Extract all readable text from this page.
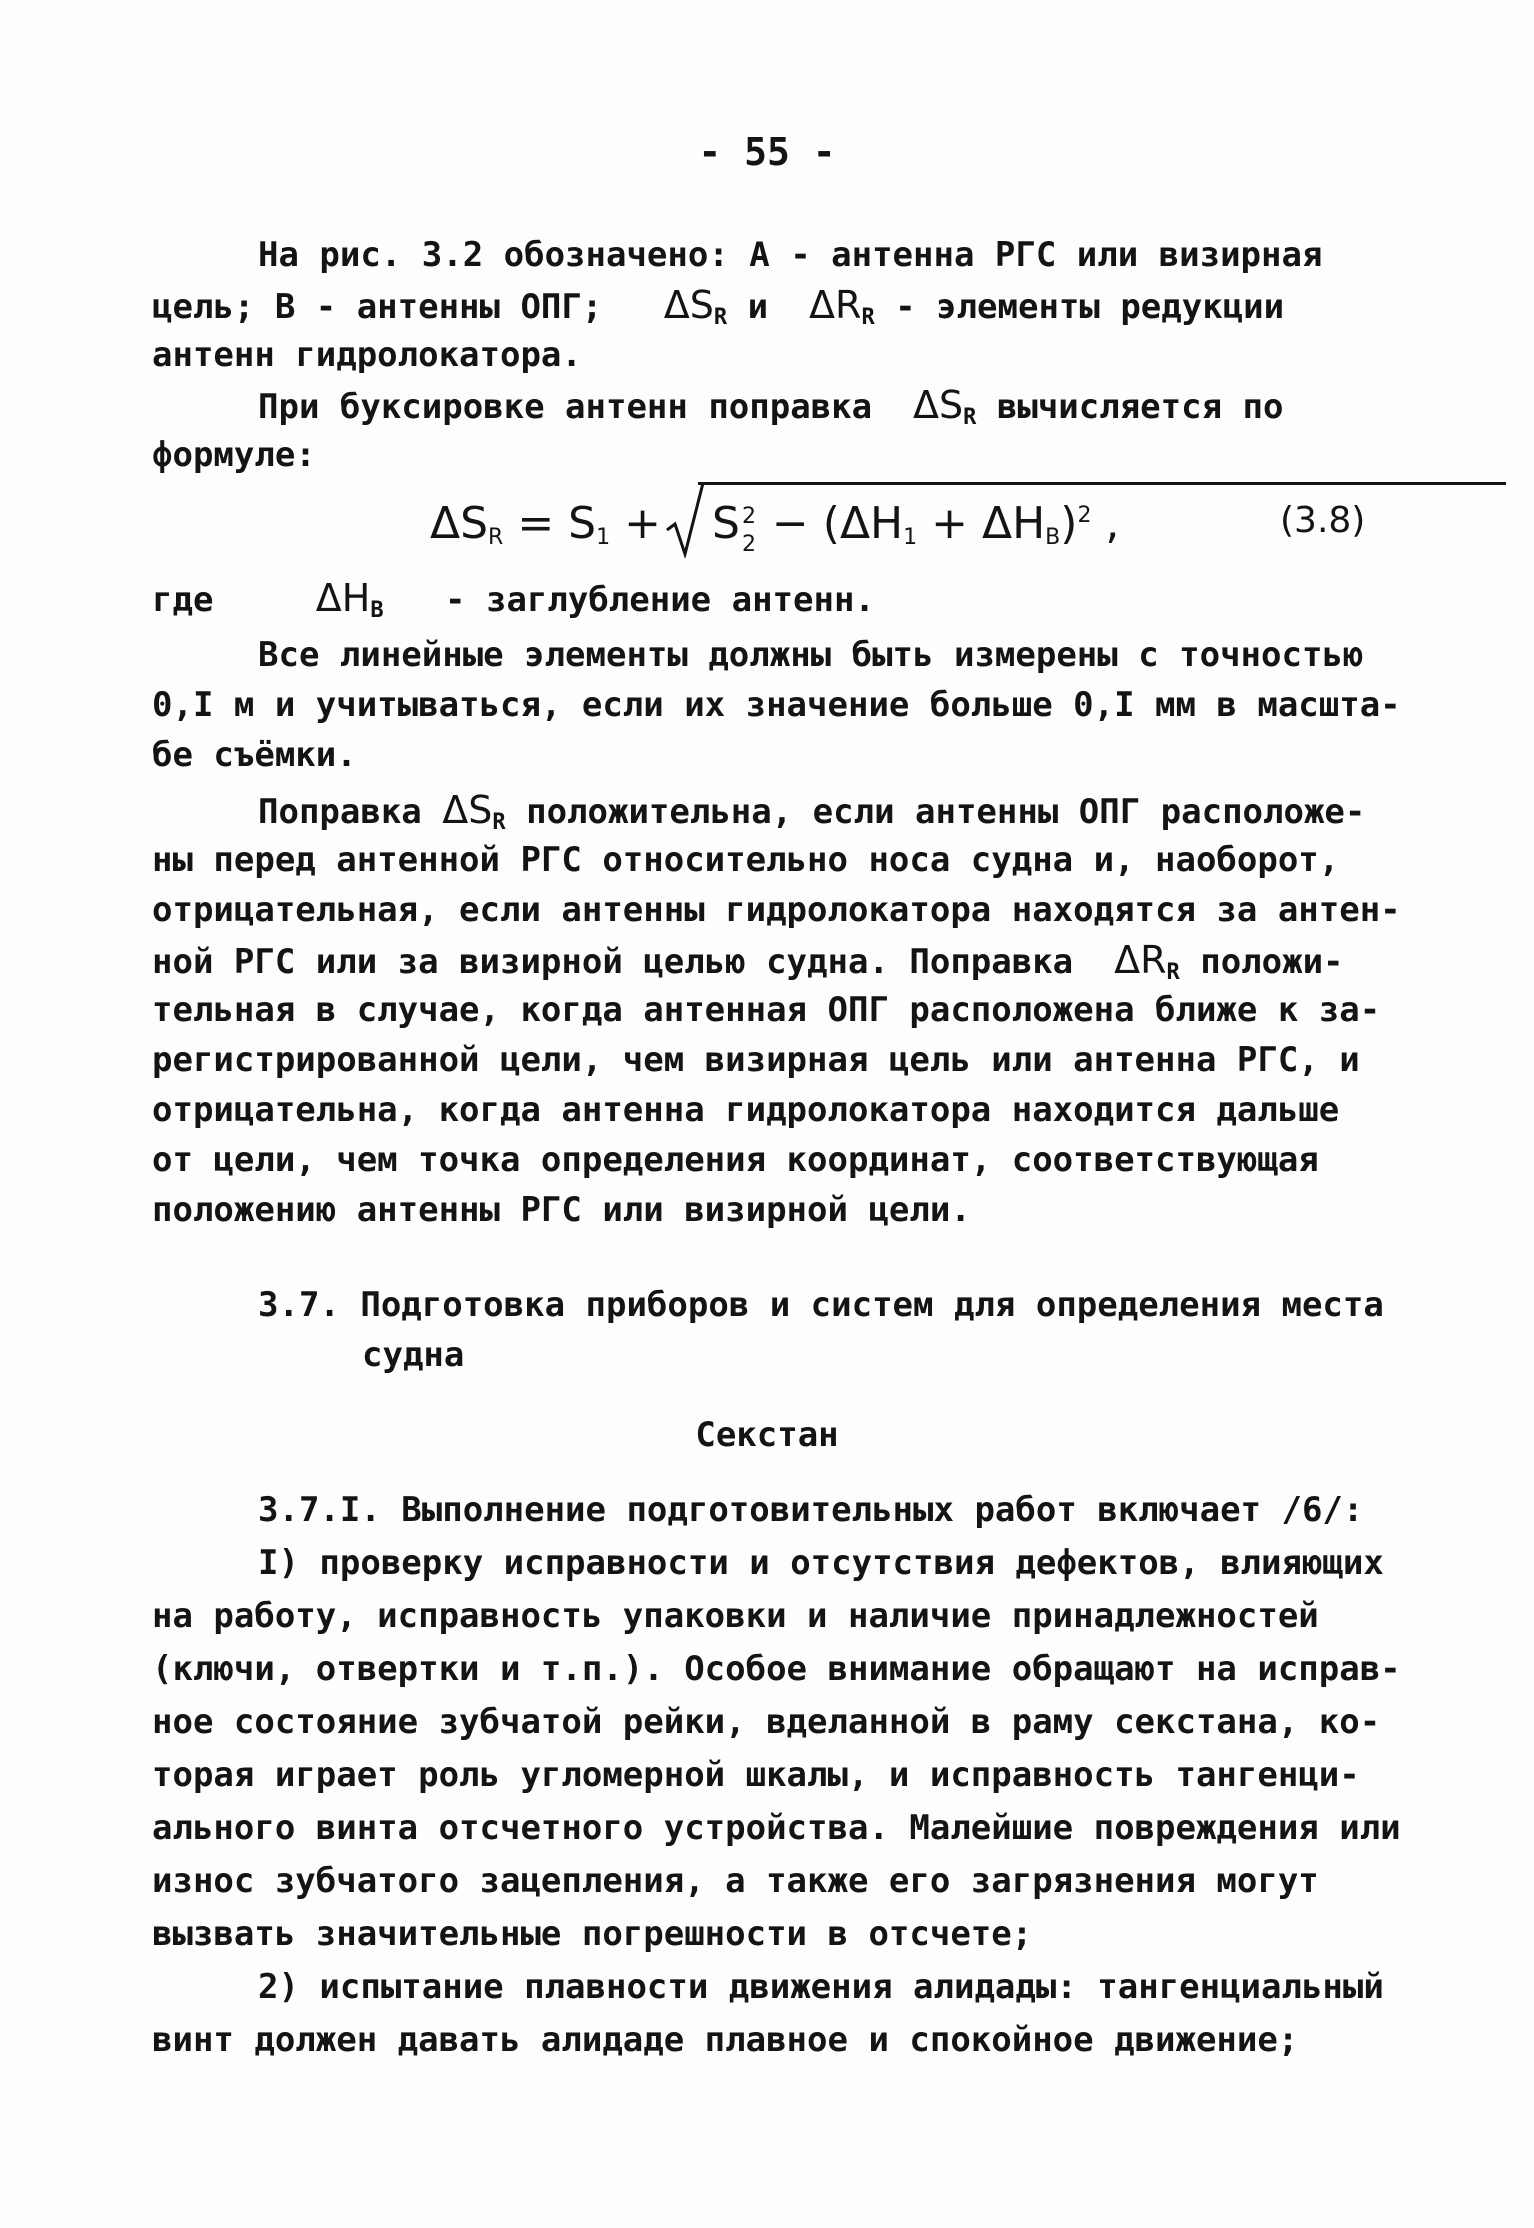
- 55 -
На рис. 3.2 обозначено: А - антенна РГС или визирная
цель; В - антенны ОПГ; $\Delta S_R$ и  $\Delta R_R$ - элементы редукции
антенн гидролокатора.
При буксировке антенн поправка $\Delta S_R$ вычисляется по
формуле:
$\Delta S_R = S_1 + S$ 2
$2 - (\Delta H_1 + \Delta H_B)^2$ ,	(3.8)
где	$\Delta H_B$ - заглубление антенн.
Все линейные элементы должны быть измерены с точностью
0,I м и учитываться, если их значение больше 0,I мм в масшта-
бе съёмки.
Поправка $\Delta S_R$ положительна, если антенны ОПГ расположе-
ны перед антенной РГС относительно носа судна и, наоборот,
отрицательная, если антенны гидролокатора находятся за антен-
ной РГС или за визирной целью судна. Поправка $\Delta R_R$ положи-
тельная в случае, когда антенная ОПГ расположена ближе к за-
регистрированной цели, чем визирная цель или антенна РГС, и
отрицательна, когда антенна гидролокатора находится дальше
от цели, чем точка определения координат, соответствующая
положению антенны РГС или визирной цели.
3.7. Подготовка приборов и систем для определения места
судна
Секстан
3.7.I. Выполнение подготовительных работ включает /6/:
I) проверку исправности и отсутствия дефектов, влияющих
на работу, исправность упаковки и наличие принадлежностей
(ключи, отвертки и т.п.). Особое внимание обращают на исправ-
ное состояние зубчатой рейки, вделанной в раму секстана, ко-
торая играет роль угломерной шкалы, и исправность тангенци-
ального винта отсчетного устройства. Малейшие повреждения или
износ зубчатого зацепления, а также его загрязнения могут
вызвать значительные погрешности в отсчете;
2) испытание плавности движения алидады: тангенциальный
винт должен давать алидаде плавное и спокойное движение;
